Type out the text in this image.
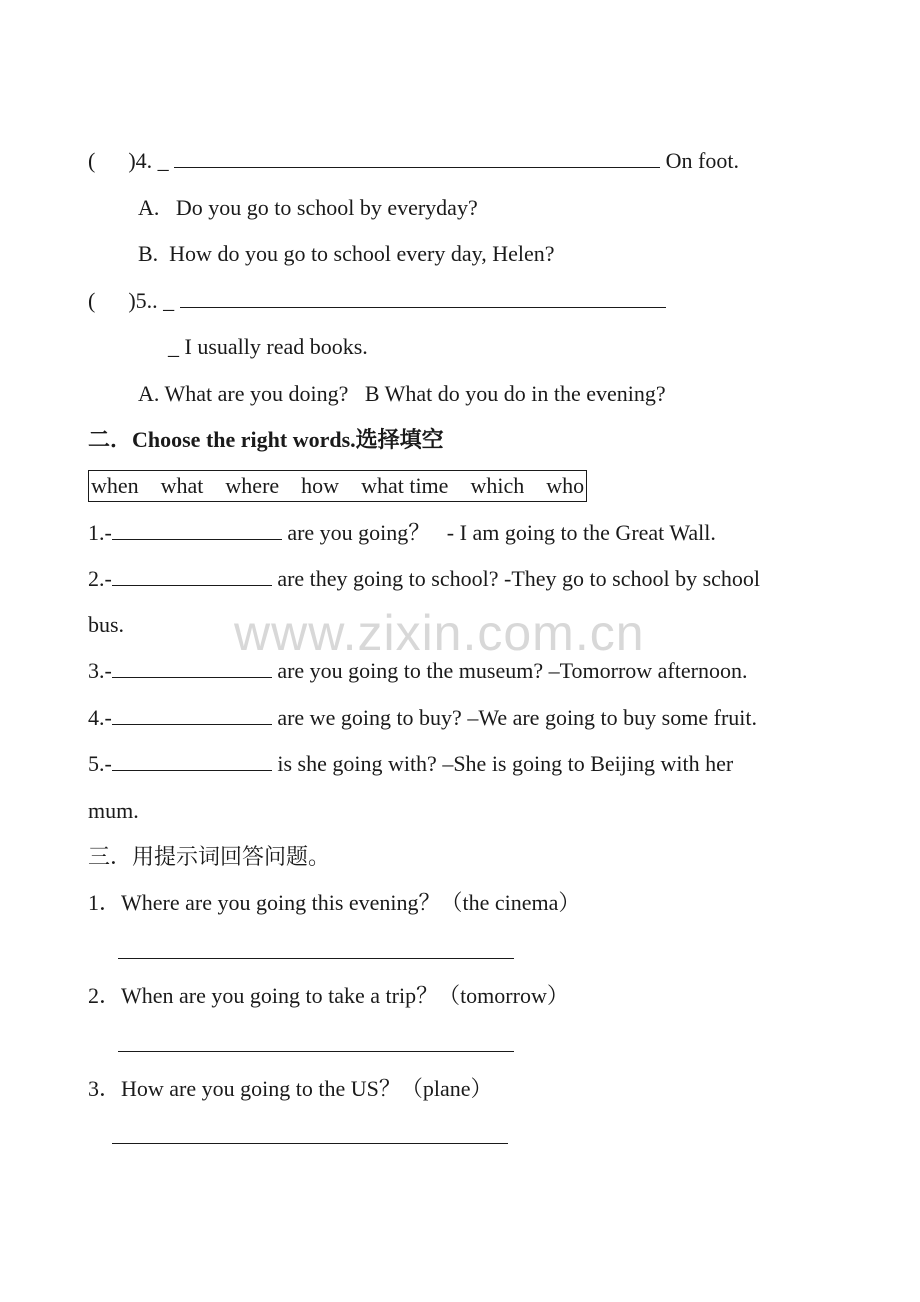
(      )4. _	On foot.
A.   Do you go to school by everyday?
B.  How do you go to school every day, Helen?
(      )5.. _
_ I usually read books.
A. What are you doing?   B What do you do in the evening?
二．Choose the right words.选择填空
when what where how what time which who
1.-	are you going？   - I am going to the Great Wall.
2.-	are they going to school? -They go to school by school
bus. www.zixin.com.cn
3.-	are you going to the museum? –Tomorrow afternoon.
4.-	are we going to buy? –We are going to buy some fruit.
5.-	is she going with? –She is going to Beijing with her
mum.
三．用提示词回答问题。
1．Where are you going this evening？（the cinema）
2．When are you going to take a trip？（tomorrow）
3．How are you going to the US？（plane）
